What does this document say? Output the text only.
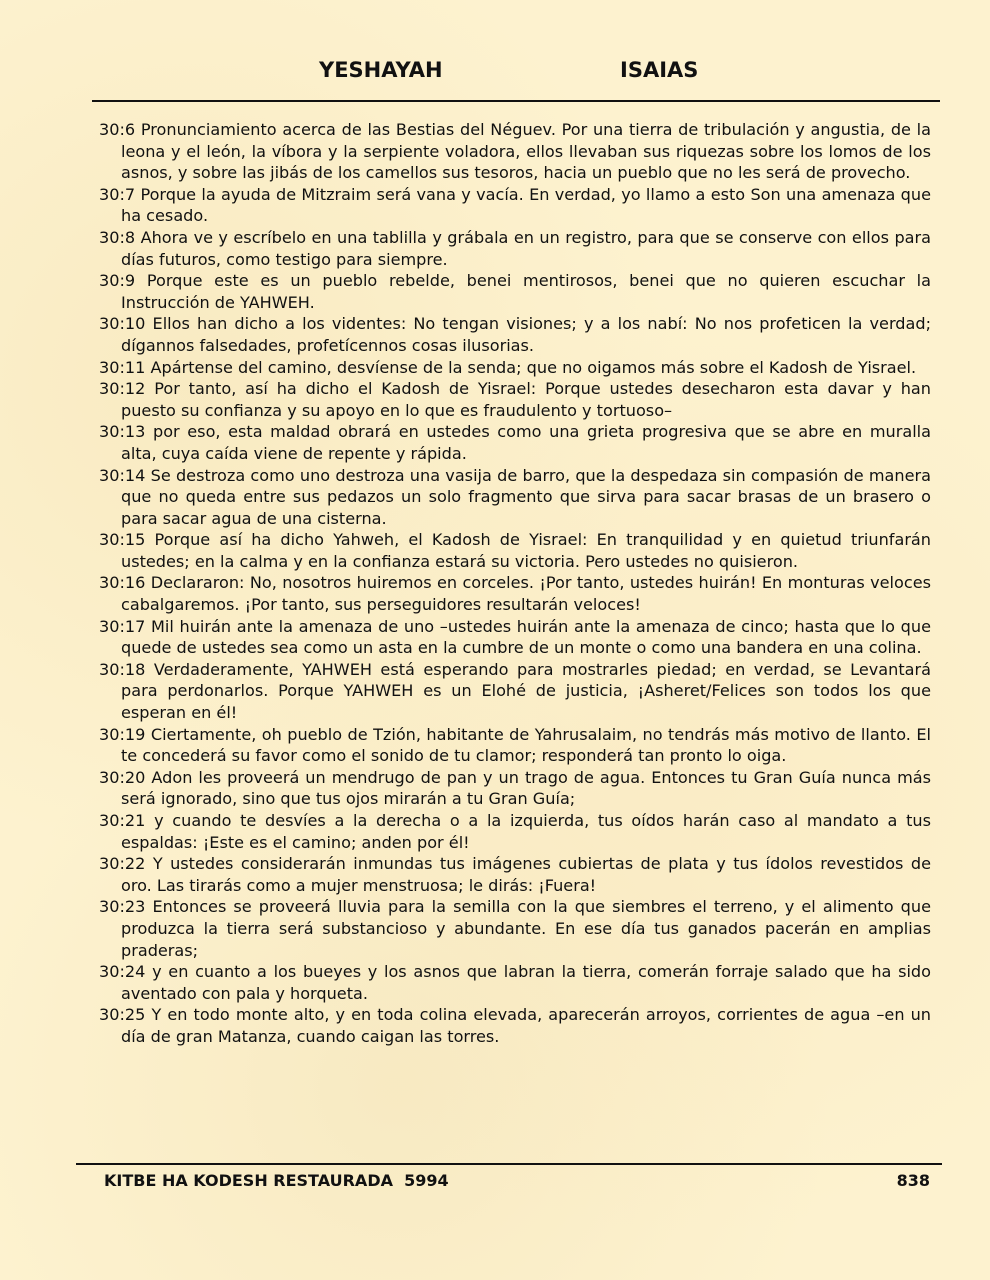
YESHAYAH	ISAIAS

30:6 Pronunciamiento acerca de las Bestias del Néguev. Por una tierra de tribulación y angustia, de la leona y el león, la víbora y la serpiente voladora, ellos llevaban sus riquezas sobre los lomos de los asnos, y sobre las jibás de los camellos sus tesoros, hacia un pueblo que no les será de provecho.

30:7 Porque la ayuda de Mitzraim será vana y vacía. En verdad, yo llamo a esto Son una amenaza que ha cesado.

30:8 Ahora ve y escríbelo en una tablilla y grábala en un registro, para que se conserve con ellos para días futuros, como testigo para siempre.

30:9 Porque este es un pueblo rebelde, benei mentirosos, benei que no quieren escuchar la Instrucción de YAHWEH.

30:10 Ellos han dicho a los videntes: No tengan visiones; y a los nabí: No nos profeticen la verdad; dígannos falsedades, profetícennos cosas ilusorias.

30:11 Apártense del camino, desvíense de la senda; que no oigamos más sobre el Kadosh de Yisrael.

30:12 Por tanto, así ha dicho el Kadosh de Yisrael: Porque ustedes desecharon esta davar y han puesto su confianza y su apoyo en lo que es fraudulento y tortuoso–

30:13 por eso, esta maldad obrará en ustedes como una grieta progresiva que se abre en muralla alta, cuya caída viene de repente y rápida.

30:14 Se destroza como uno destroza una vasija de barro, que la despedaza sin compasión de manera que no queda entre sus pedazos un solo fragmento que sirva para sacar brasas de un brasero o para sacar agua de una cisterna.

30:15 Porque así ha dicho Yahweh, el Kadosh de Yisrael: En tranquilidad y en quietud triunfarán ustedes; en la calma y en la confianza estará su victoria. Pero ustedes no quisieron.

30:16 Declararon: No, nosotros huiremos en corceles. ¡Por tanto, ustedes huirán! En monturas veloces cabalgaremos. ¡Por tanto, sus perseguidores resultarán veloces!

30:17 Mil huirán ante la amenaza de uno –ustedes huirán ante la amenaza de cinco; hasta que lo que quede de ustedes sea como un asta en la cumbre de un monte o como una bandera en una colina.

30:18 Verdaderamente, YAHWEH está esperando para mostrarles piedad; en verdad, se Levantará para perdonarlos. Porque YAHWEH es un Elohé de justicia, ¡Asheret/Felices son todos los que esperan en él!

30:19 Ciertamente, oh pueblo de Tzión, habitante de Yahrusalaim, no tendrás más motivo de llanto. El te concederá su favor como el sonido de tu clamor; responderá tan pronto lo oiga.

30:20 Adon les proveerá un mendrugo de pan y un trago de agua. Entonces tu Gran Guía nunca más será ignorado, sino que tus ojos mirarán a tu Gran Guía;

30:21 y cuando te desvíes a la derecha o a la izquierda, tus oídos harán caso al mandato a tus espaldas: ¡Este es el camino; anden por él!

30:22 Y ustedes considerarán inmundas tus imágenes cubiertas de plata y tus ídolos revestidos de oro. Las tirarás como a mujer menstruosa; le dirás: ¡Fuera!

30:23 Entonces se proveerá lluvia para la semilla con la que siembres el terreno, y el alimento que produzca la tierra será substancioso y abundante. En ese día tus ganados pacerán en amplias praderas;

30:24 y en cuanto a los bueyes y los asnos que labran la tierra, comerán forraje salado que ha sido aventado con pala y horqueta.

30:25 Y en todo monte alto, y en toda colina elevada, aparecerán arroyos, corrientes de agua –en un día de gran Matanza, cuando caigan las torres.

KITBE HA KODESH RESTAURADA  5994	838
